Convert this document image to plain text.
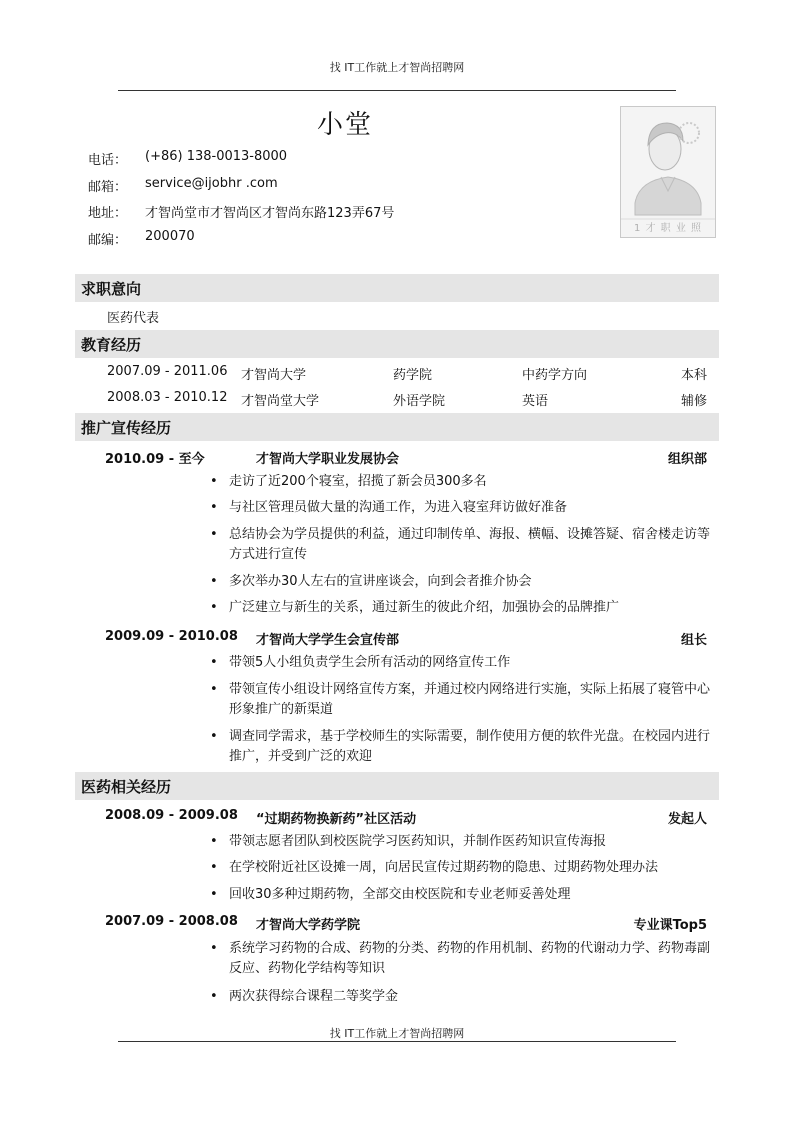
找 IT工作就上才智尚招聘网
小堂
电话：	(+86) 138-0013-8000
邮箱：	service@ijobhr .com
地址：	才智尚堂市才智尚区才智尚东路123弄67号
邮编：	200070
1 才 职 业 照
求职意向
医药代表
教育经历
2007.09 - 2011.06 才智尚大学	药学院	中药学方向	本科
2008.03 - 2010.12 才智尚堂大学	外语学院	英语	辅修
推广宣传经历
2010.09 - 至今	才智尚大学职业发展协会	组织部
• 走访了近200个寝室，招揽了新会员300多名
• 与社区管理员做大量的沟通工作，为进入寝室拜访做好准备
• 总结协会为学员提供的利益，通过印制传单、海报、横幅、设摊答疑、宿舍楼走访等方式进行宣传
• 多次举办30人左右的宣讲座谈会，向到会者推介协会
• 广泛建立与新生的关系，通过新生的彼此介绍，加强协会的品牌推广
2009.09 - 2010.08 才智尚大学学生会宣传部	组长
• 带领5人小组负责学生会所有活动的网络宣传工作
• 带领宣传小组设计网络宣传方案，并通过校内网络进行实施，实际上拓展了寝管中心形象推广的新渠道
• 调查同学需求，基于学校师生的实际需要，制作使用方便的软件光盘。在校园内进行推广，并受到广泛的欢迎
医药相关经历
2008.09 - 2009.08 “过期药物换新药”社区活动	发起人
• 带领志愿者团队到校医院学习医药知识，并制作医药知识宣传海报
• 在学校附近社区设摊一周，向居民宣传过期药物的隐患、过期药物处理办法
• 回收30多种过期药物，全部交由校医院和专业老师妥善处理
2007.09 - 2008.08 才智尚大学药学院	专业课Top5
• 系统学习药物的合成、药物的分类、药物的作用机制、药物的代谢动力学、药物毒副反应、药物化学结构等知识
• 两次获得综合课程二等奖学金
找 IT工作就上才智尚招聘网
